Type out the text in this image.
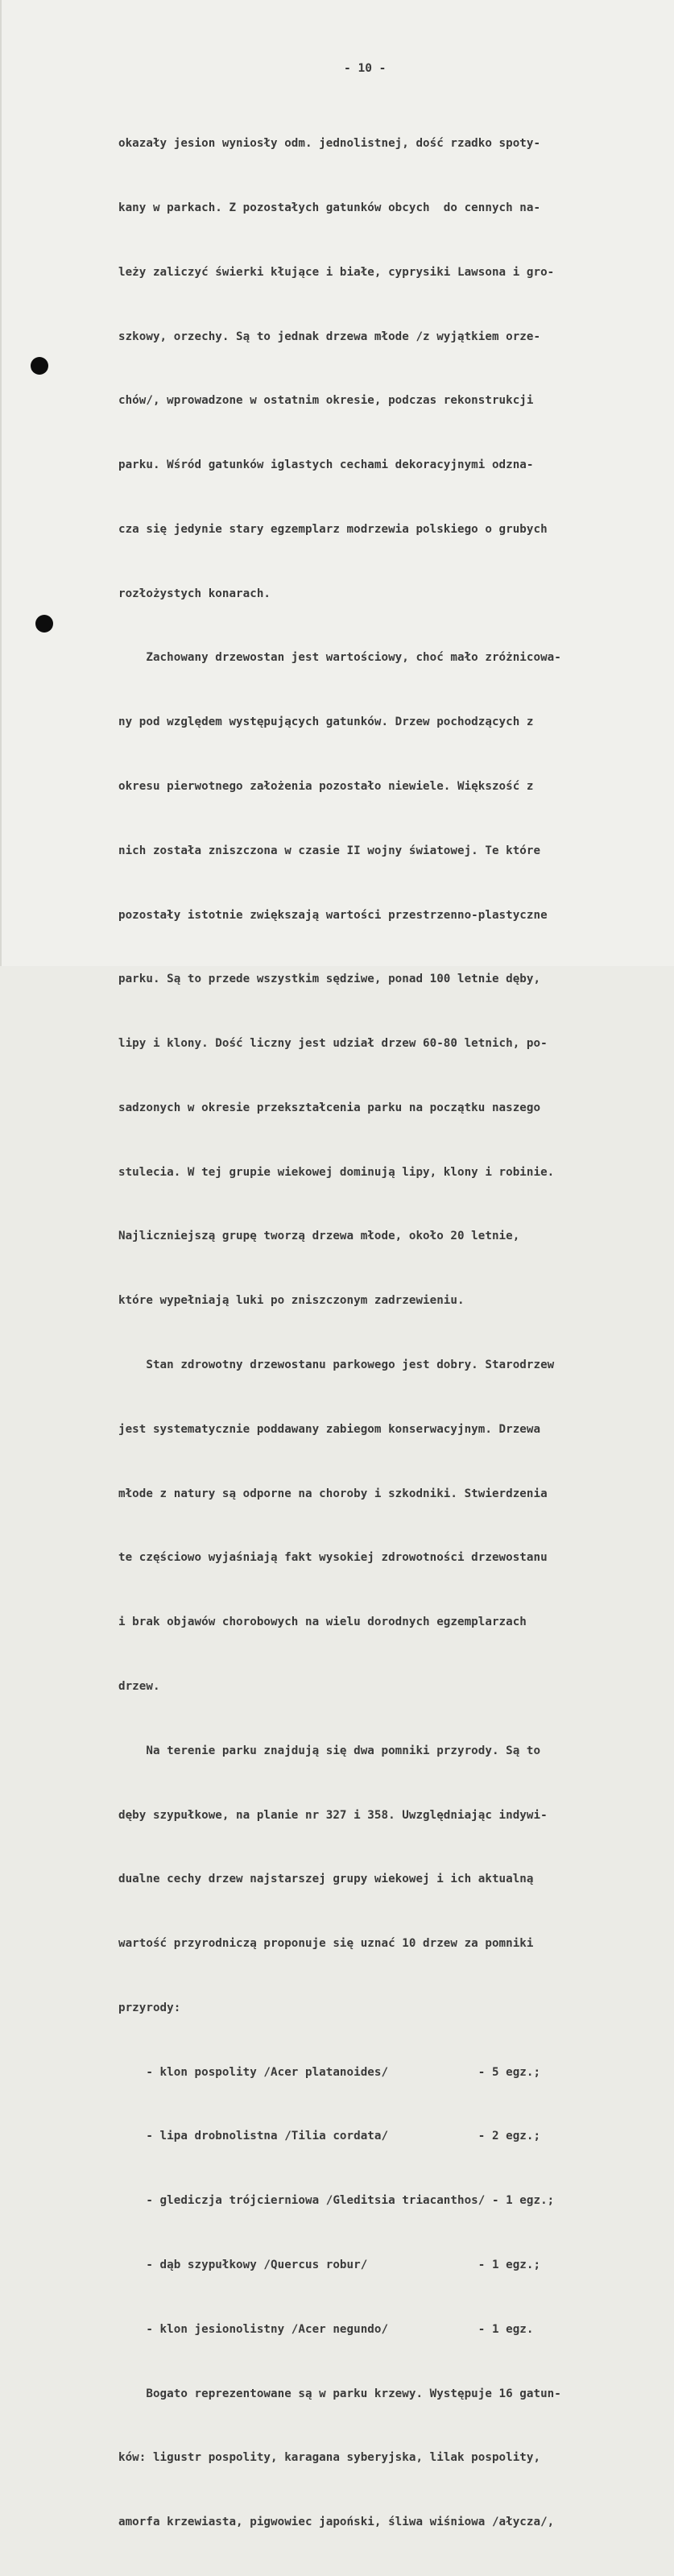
- 10 -

okazały jesion wyniosły odm. jednolistnej, dość rzadko spoty-

kany w parkach. Z pozostałych gatunków obcych  do cennych na-

leży zaliczyć świerki kłujące i białe, cyprysiki Lawsona i gro-

szkowy, orzechy. Są to jednak drzewa młode /z wyjątkiem orze-

chów/, wprowadzone w ostatnim okresie, podczas rekonstrukcji

parku. Wśród gatunków iglastych cechami dekoracyjnymi odzna-

cza się jedynie stary egzemplarz modrzewia polskiego o grubych

rozłożystych konarach.

Zachowany drzewostan jest wartościowy, choć mało zróżnicowa-

ny pod względem występujących gatunków. Drzew pochodzących z

okresu pierwotnego założenia pozostało niewiele. Większość z

nich została zniszczona w czasie II wojny światowej. Te które

pozostały istotnie zwiększają wartości przestrzenno-plastyczne

parku. Są to przede wszystkim sędziwe, ponad 100 letnie dęby,

lipy i klony. Dość liczny jest udział drzew 60-80 letnich, po-

sadzonych w okresie przekształcenia parku na początku naszego

stulecia. W tej grupie wiekowej dominują lipy, klony i robinie.

Najliczniejszą grupę tworzą drzewa młode, około 20 letnie,

które wypełniają luki po zniszczonym zadrzewieniu.

Stan zdrowotny drzewostanu parkowego jest dobry. Starodrzew

jest systematycznie poddawany zabiegom konserwacyjnym. Drzewa

młode z natury są odporne na choroby i szkodniki. Stwierdzenia

te częściowo wyjaśniają fakt wysokiej zdrowotności drzewostanu

i brak objawów chorobowych na wielu dorodnych egzemplarzach

drzew.

Na terenie parku znajdują się dwa pomniki przyrody. Są to

dęby szypułkowe, na planie nr 327 i 358. Uwzględniając indywi-

dualne cechy drzew najstarszej grupy wiekowej i ich aktualną

wartość przyrodniczą proponuje się uznać 10 drzew za pomniki

przyrody:

- klon pospolity /Acer platanoides/             - 5 egz.;

- lipa drobnolistna /Tilia cordata/             - 2 egz.;

- glediczja trójcierniowa /Gleditsia triacanthos/ - 1 egz.;

- dąb szypułkowy /Quercus robur/                - 1 egz.;

- klon jesionolistny /Acer negundo/             - 1 egz.

Bogato reprezentowane są w parku krzewy. Występuje 16 gatun-

ków: ligustr pospolity, karagana syberyjska, lilak pospolity,

amorfa krzewiasta, pigwowiec japoński, śliwa wiśniowa /ałycza/,
